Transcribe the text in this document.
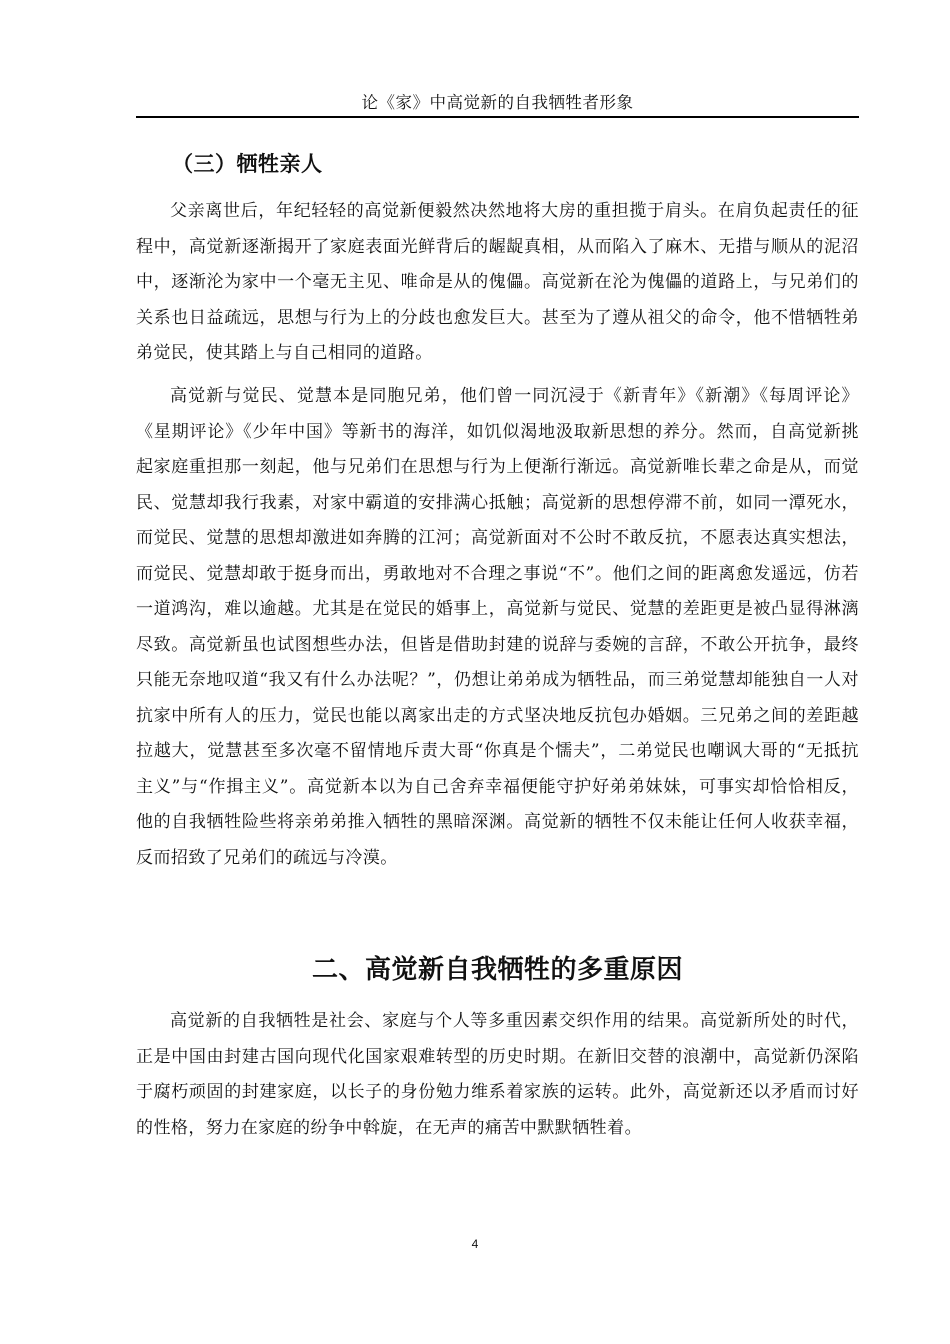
论《家》中高觉新的自我牺牲者形象
（三）牺牲亲人

父亲离世后，年纪轻轻的高觉新便毅然决然地将大房的重担揽于肩头。在肩负起责任的征程中，高觉新逐渐揭开了家庭表面光鲜背后的龌龊真相，从而陷入了麻木、无措与顺从的泥沼中，逐渐沦为家中一个毫无主见、唯命是从的傀儡。高觉新在沦为傀儡的道路上，与兄弟们的关系也日益疏远，思想与行为上的分歧也愈发巨大。甚至为了遵从祖父的命令，他不惜牺牲弟弟觉民，使其踏上与自己相同的道路。

高觉新与觉民、觉慧本是同胞兄弟，他们曾一同沉浸于《新青年》《新潮》《每周评论》《星期评论》《少年中国》等新书的海洋，如饥似渴地汲取新思想的养分。然而，自高觉新挑起家庭重担那一刻起，他与兄弟们在思想与行为上便渐行渐远。高觉新唯长辈之命是从，而觉民、觉慧却我行我素，对家中霸道的安排满心抵触；高觉新的思想停滞不前，如同一潭死水，而觉民、觉慧的思想却激进如奔腾的江河；高觉新面对不公时不敢反抗，不愿表达真实想法，而觉民、觉慧却敢于挺身而出，勇敢地对不合理之事说“不”。他们之间的距离愈发遥远，仿若一道鸿沟，难以逾越。尤其是在觉民的婚事上，高觉新与觉民、觉慧的差距更是被凸显得淋漓尽致。高觉新虽也试图想些办法，但皆是借助封建的说辞与委婉的言辞，不敢公开抗争，最终只能无奈地叹道“我又有什么办法呢？”，仍想让弟弟成为牺牲品，而三弟觉慧却能独自一人对抗家中所有人的压力，觉民也能以离家出走的方式坚决地反抗包办婚姻。三兄弟之间的差距越拉越大，觉慧甚至多次毫不留情地斥责大哥“你真是个懦夫”，二弟觉民也嘲讽大哥的“无抵抗主义”与“作揖主义”。高觉新本以为自己舍弃幸福便能守护好弟弟妹妹，可事实却恰恰相反，他的自我牺牲险些将亲弟弟推入牺牲的黑暗深渊。高觉新的牺牲不仅未能让任何人收获幸福，反而招致了兄弟们的疏远与冷漠。

二、高觉新自我牺牲的多重原因

高觉新的自我牺牲是社会、家庭与个人等多重因素交织作用的结果。高觉新所处的时代，正是中国由封建古国向现代化国家艰难转型的历史时期。在新旧交替的浪潮中，高觉新仍深陷于腐朽顽固的封建家庭，以长子的身份勉力维系着家族的运转。此外，高觉新还以矛盾而讨好的性格，努力在家庭的纷争中斡旋，在无声的痛苦中默默牺牲着。

4
